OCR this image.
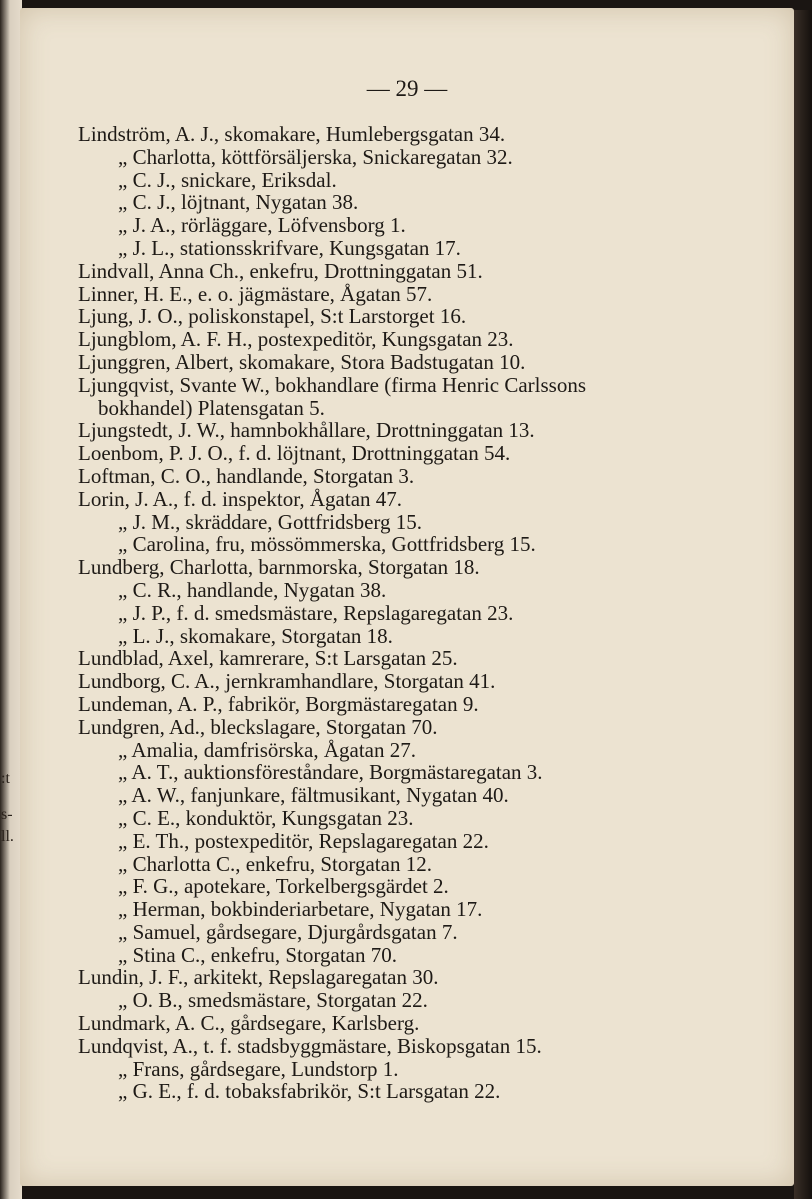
:t
s-
ll.
— 29 —
Lindström, A. J., skomakare, Humlebergsgatan 34.
„ Charlotta, köttförsäljerska, Snickaregatan 32.
„ C. J., snickare, Eriksdal.
„ C. J., löjtnant, Nygatan 38.
„ J. A., rörläggare, Löfvensborg 1.
„ J. L., stationsskrifvare, Kungsgatan 17.
Lindvall, Anna Ch., enkefru, Drottninggatan 51.
Linner, H. E., e. o. jägmästare, Ågatan 57.
Ljung, J. O., poliskonstapel, S:t Larstorget 16.
Ljungblom, A. F. H., postexpeditör, Kungsgatan 23.
Ljunggren, Albert, skomakare, Stora Badstugatan 10.
Ljungqvist, Svante W., bokhandlare (firma Henric Carlssons
bokhandel) Platensgatan 5.
Ljungstedt, J. W., hamnbokhållare, Drottninggatan 13.
Loenbom, P. J. O., f. d. löjtnant, Drottninggatan 54.
Loftman, C. O., handlande, Storgatan 3.
Lorin, J. A., f. d. inspektor, Ågatan 47.
„ J. M., skräddare, Gottfridsberg 15.
„ Carolina, fru, mössömmerska, Gottfridsberg 15.
Lundberg, Charlotta, barnmorska, Storgatan 18.
„ C. R., handlande, Nygatan 38.
„ J. P., f. d. smedsmästare, Repslagaregatan 23.
„ L. J., skomakare, Storgatan 18.
Lundblad, Axel, kamrerare, S:t Larsgatan 25.
Lundborg, C. A., jernkramhandlare, Storgatan 41.
Lundeman, A. P., fabrikör, Borgmästaregatan 9.
Lundgren, Ad., bleckslagare, Storgatan 70.
„ Amalia, damfrisörska, Ågatan 27.
„ A. T., auktionsföreståndare, Borgmästaregatan 3.
„ A. W., fanjunkare, fältmusikant, Nygatan 40.
„ C. E., konduktör, Kungsgatan 23.
„ E. Th., postexpeditör, Repslagaregatan 22.
„ Charlotta C., enkefru, Storgatan 12.
„ F. G., apotekare, Torkelbergsgärdet 2.
„ Herman, bokbinderiarbetare, Nygatan 17.
„ Samuel, gårdsegare, Djurgårdsgatan 7.
„ Stina C., enkefru, Storgatan 70.
Lundin, J. F., arkitekt, Repslagaregatan 30.
„ O. B., smedsmästare, Storgatan 22.
Lundmark, A. C., gårdsegare, Karlsberg.
Lundqvist, A., t. f. stadsbyggmästare, Biskopsgatan 15.
„ Frans, gårdsegare, Lundstorp 1.
„ G. E., f. d. tobaksfabrikör, S:t Larsgatan 22.
